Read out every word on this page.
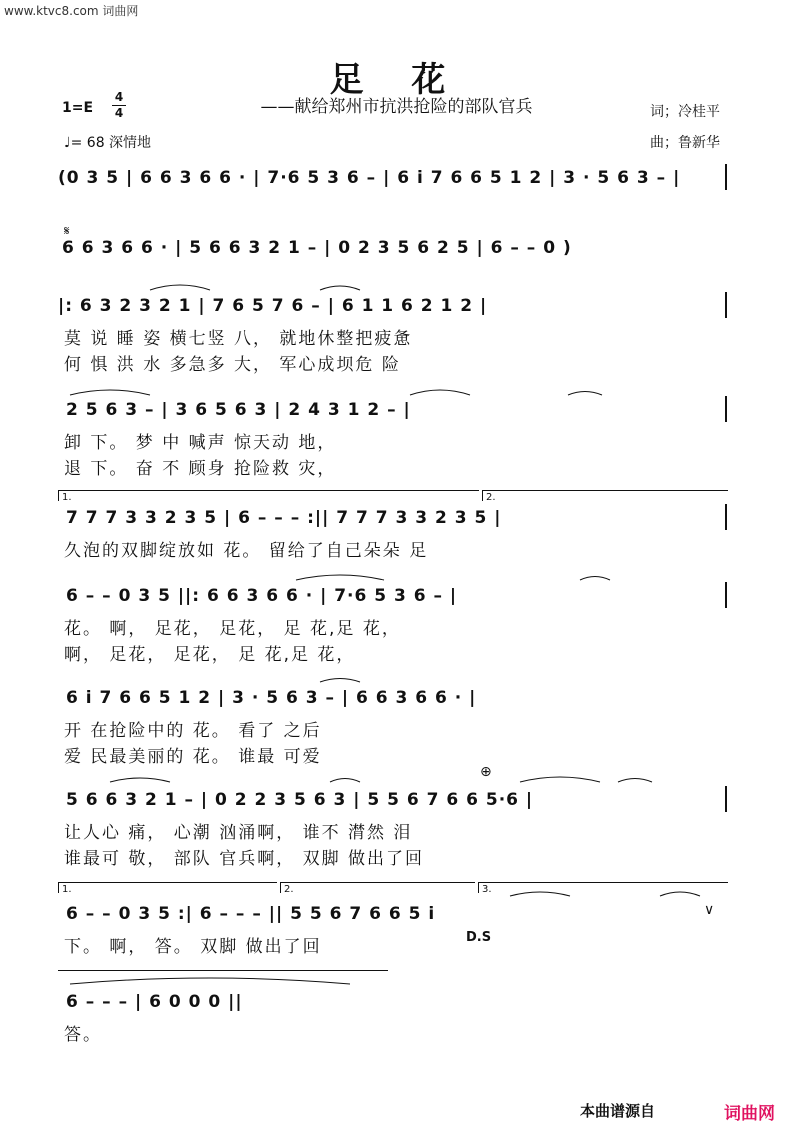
www.ktvc8.com 词曲网
足 花
——献给郑州市抗洪抢险的部队官兵
1=E
4
4
♩= 68 深情地
词；冷桂平
曲；鲁新华
(0 3 5 | 6 6 3 6 6 · | 7·6 5 3 6 – | 6 i 7 6 6 5 1 2 | 3 · 5 6 3 – |
𝄋
6 6 3 6 6 · | 5 6 6 3 2 1 – | 0 2 3 5 6 2 5 | 6 – – 0 )
|: 6 3 2 3 2 1 | 7 6 5 7 6 – | 6 1 1 6 2 1 2 |
莫 说 睡 姿 横七竖 八， 就地休整把疲惫
何 惧 洪 水 多急多 大， 军心成坝危 险
2 5 6 3 – | 3 6 5 6 3 | 2 4 3 1 2 – |
卸 下。 梦 中 喊声 惊天动 地，
退 下。 奋 不 顾身 抢险救 灾，
1.	2.
7 7 7 3 3 2 3 5 | 6 – – – :|| 7 7 7 3 3 2 3 5 |
久泡的双脚绽放如 花。 留给了自己朵朵 足
6 – – 0 3 5 ||: 6 6 3 6 6 · | 7·6 5 3 6 – |
花。 啊， 足花， 足花， 足 花,足 花，
啊， 足花， 足花， 足 花,足 花，
6 i 7 6 6 5 1 2 | 3 · 5 6 3 – | 6 6 3 6 6 · |
开 在抢险中的 花。 看了 之后
爱 民最美丽的 花。 谁最 可爱
⊕
5 6 6 3 2 1 – | 0 2 2 3 5 6 3 | 5 5 6 7 6 6 5·6 |
让人心 痛， 心潮 汹涌啊， 谁不 潸然 泪
谁最可 敬， 部队 官兵啊， 双脚 做出了回
1.	2.	3.
6 – – 0 3 5 :| 6 – – – || 5 5 6 7 6 6 5 i	∨
下。 啊， 答。 双脚 做出了回	D.S
6 – – – | 6 0 0 0 ||
答。
本曲谱源自	词曲网
